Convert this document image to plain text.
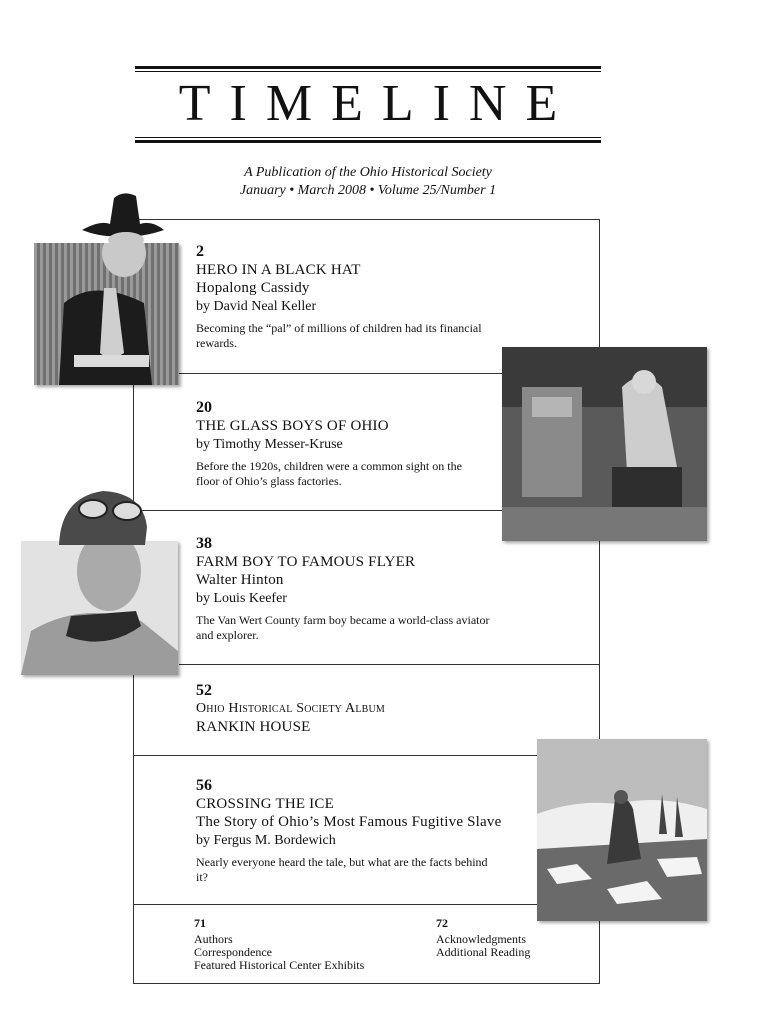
TIMELINE
A Publication of the Ohio Historical Society
January • March 2008 • Volume 25/Number 1
2
HERO IN A BLACK HAT
Hopalong Cassidy
by David Neal Keller
Becoming the “pal” of millions of children had its financial rewards.
20
THE GLASS BOYS OF OHIO
by Timothy Messer-Kruse
Before the 1920s, children were a common sight on the floor of Ohio’s glass factories.
38
FARM BOY TO FAMOUS FLYER
Walter Hinton
by Louis Keefer
The Van Wert County farm boy became a world-class aviator and explorer.
52
Ohio Historical Society Album
RANKIN HOUSE
56
CROSSING THE ICE
The Story of Ohio’s Most Famous Fugitive Slave
by Fergus M. Bordewich
Nearly everyone heard the tale, but what are the facts behind it?
71
Authors
Correspondence
Featured Historical Center Exhibits
72
Acknowledgments
Additional Reading
